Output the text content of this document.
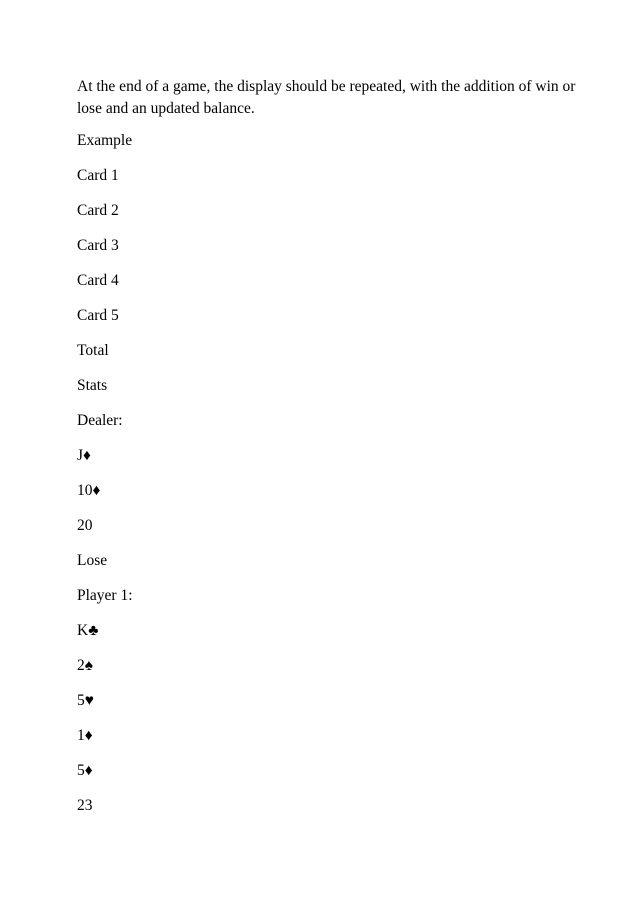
At the end of a game, the display should be repeated, with the addition of win or lose and an updated balance.

Example

Card 1

Card 2

Card 3

Card 4

Card 5

Total

Stats

Dealer:

J♦

10♦

20

Lose

Player 1:

K♣

2♠

5♥

1♦

5♦

23
